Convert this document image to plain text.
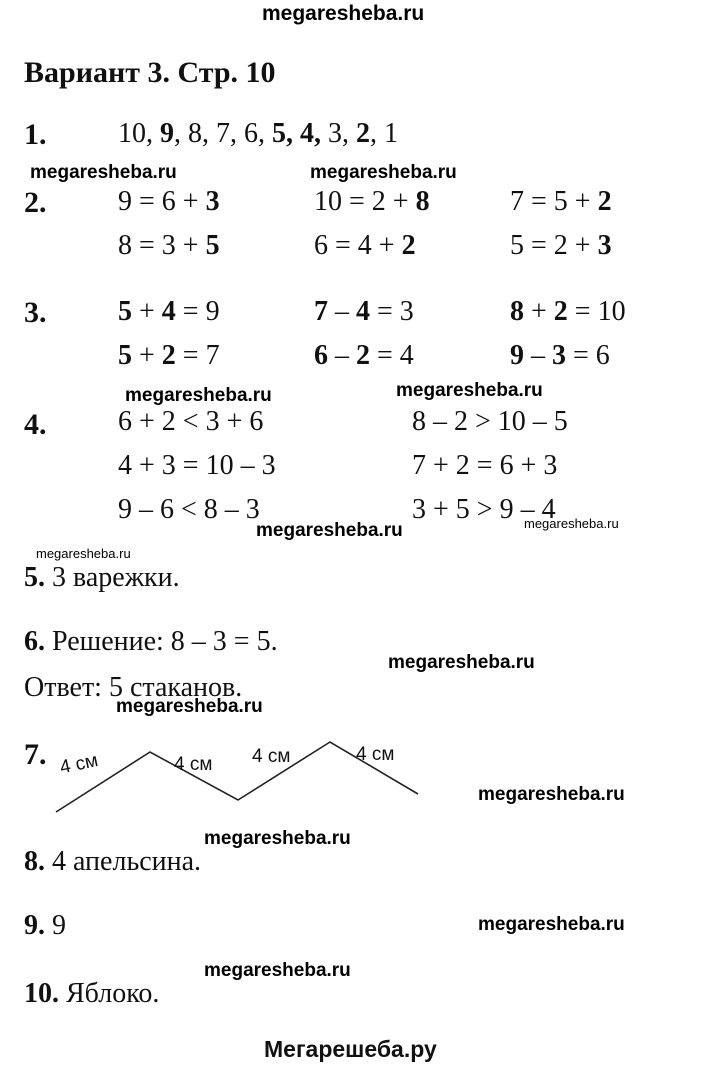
megaresheba.ru
megaresheba.ru	megaresheba.ru
megaresheba.ru	megaresheba.ru
megaresheba.ru	megaresheba.ru
megaresheba.ru
megaresheba.ru
megaresheba.ru
megaresheba.ru
megaresheba.ru
megaresheba.ru
megaresheba.ru
Вариант 3. Стр. 10
1.	10, 9, 8, 7, 6, 5, 4, 3, 2, 1
2.	9 = 6 + 3	10 = 2 + 8	7 = 5 + 2
8 = 3 + 5	6 = 4 + 2	5 = 2 + 3
3.	5 + 4 = 9	7 – 4 = 3	8 + 2 = 10
5 + 2 = 7	6 – 2 = 4	9 – 3 = 6
4.	6 + 2 < 3 + 6	8 – 2 > 10 – 5
4 + 3 = 10 – 3	7 + 2 = 6 + 3
9 – 6 < 8 – 3	3 + 5 > 9 – 4
5. 3 варежки.
6. Решение: 8 – 3 = 5.
Ответ: 5 стаканов.
7. 4 см	4 см 4 см	4 см
8. 4 апельсина.
9. 9
10. Яблоко.
Мегарешеба.ру
